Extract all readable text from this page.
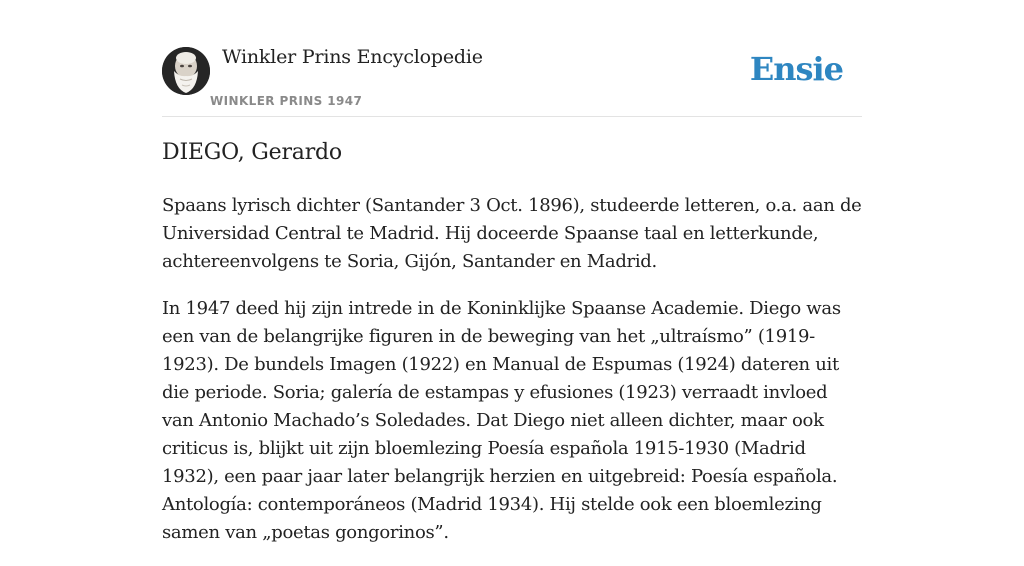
Winkler Prins Encyclopedie
WINKLER PRINS 1947
Ensie
DIEGO, Gerardo

Spaans lyrisch dichter (Santander 3 Oct. 1896), studeerde letteren, o.a. aan de Universidad Central te Madrid. Hij doceerde Spaanse taal en letterkunde, achtereenvolgens te Soria, Gijón, Santander en Madrid.

In 1947 deed hij zijn intrede in de Koninklijke Spaanse Academie. Diego was een van de belangrijke figuren in de beweging van het „ultraísmo” (1919-1923). De bundels Imagen (1922) en Manual de Espumas (1924) dateren uit die periode. Soria; galería de estampas y efusiones (1923) verraadt invloed van Antonio Machado’s Soledades. Dat Diego niet alleen dichter, maar ook criticus is, blijkt uit zijn bloemlezing Poesía española 1915-1930 (Madrid 1932), een paar jaar later belangrijk herzien en uitgebreid: Poesía española. Antología: contemporáneos (Madrid 1934). Hij stelde ook een bloemlezing samen van „poetas gongorinos”.
